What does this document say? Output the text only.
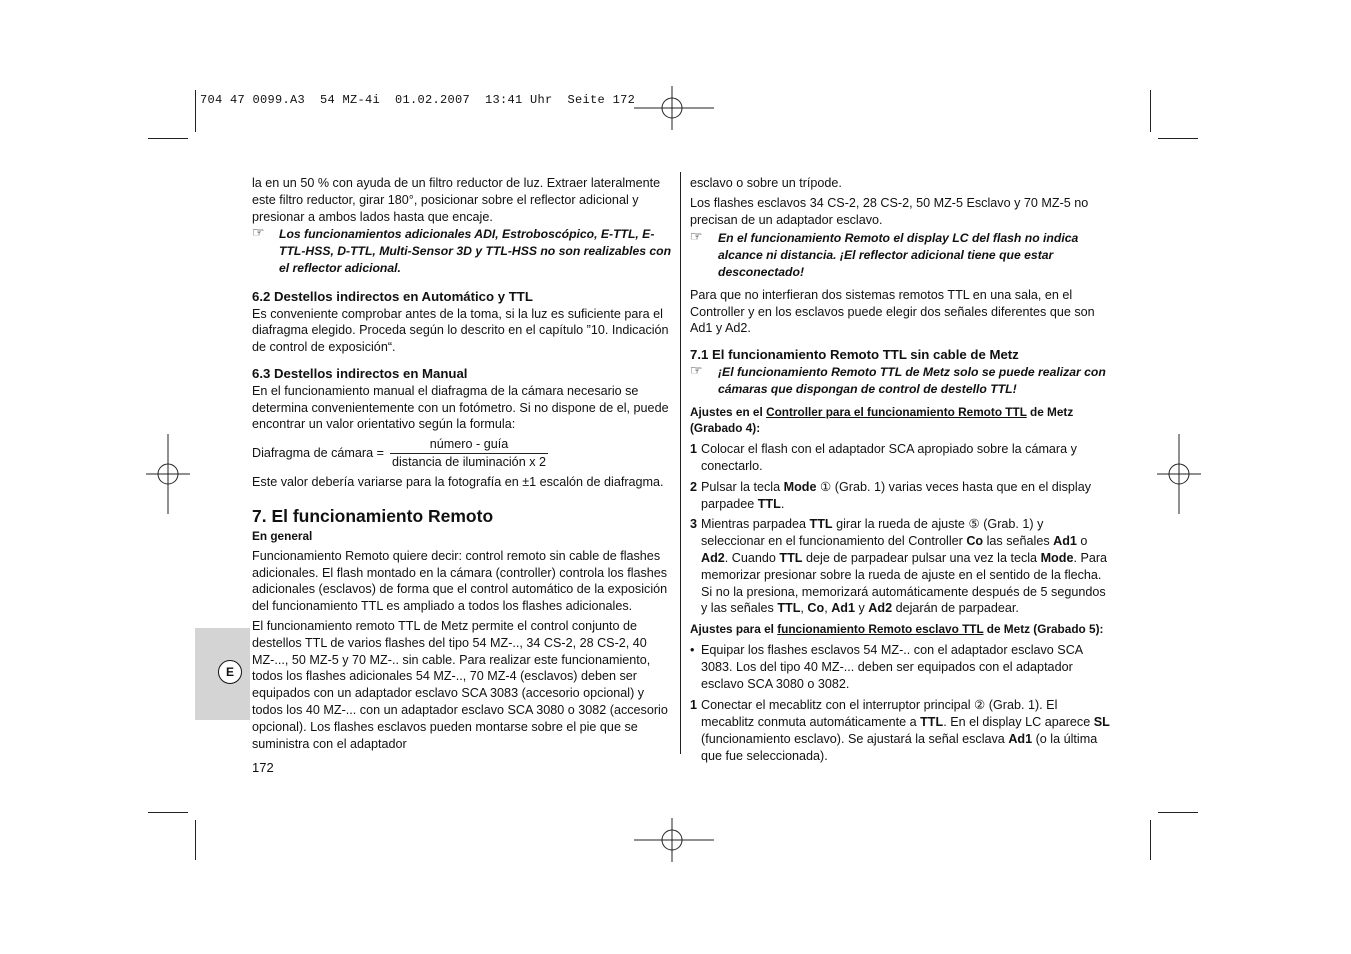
704 47 0099.A3  54 MZ-4i  01.02.2007  13:41 Uhr  Seite 172
E

la en un 50 % con ayuda de un filtro reductor de luz. Extraer lateralmente este filtro reductor, girar 180°, posicionar sobre el reflector adicional y presionar a ambos lados hasta que encaje.

☞ Los funcionamientos adicionales ADI, Estroboscópico, E-TTL, E-TTL-HSS, D-TTL, Multi-Sensor 3D y TTL-HSS no son realizables con el reflector adicional.

6.2 Destellos indirectos en Automático y TTL

Es conveniente comprobar antes de la toma, si la luz es suficiente para el diafragma elegido. Proceda según lo descrito en el capítulo ”10. Indicación de control de exposición“.

6.3 Destellos indirectos en Manual

En el funcionamiento manual el diafragma de la cámara necesario se determina convenientemente con un fotómetro. Si no dispone de el, puede encontrar un valor orientativo según la formula:

Diafragma de cámara =
número - guía
distancia de iluminación x 2

Este valor debería variarse para la fotografía en ±1 escalón de diafragma.

7. El funcionamiento Remoto

En general

Funcionamiento Remoto quiere decir: control remoto sin cable de flashes adicionales. El flash montado en la cámara (controller) controla los flashes adicionales (esclavos) de forma que el control automático de la exposición del funcionamiento TTL es ampliado a todos los flashes adicionales.

El funcionamiento remoto TTL de Metz permite el control conjunto de destellos TTL de varios flashes del tipo 54 MZ-.., 34 CS-2, 28 CS-2, 40 MZ-..., 50 MZ-5 y 70 MZ-.. sin cable. Para realizar este funcionamiento, todos los flashes adicionales 54 MZ-.., 70 MZ-4 (esclavos) deben ser equipados con un adaptador esclavo SCA 3083 (accesorio opcional) y todos los 40 MZ-... con un adaptador esclavo SCA 3080 o 3082 (accesorio opcional). Los flashes esclavos pueden montarse sobre el pie que se suministra con el adaptador

172

esclavo o sobre un trípode.

Los flashes esclavos 34 CS-2, 28 CS-2, 50 MZ-5 Esclavo y 70 MZ-5 no precisan de un adaptador esclavo.

☞ En el funcionamiento Remoto el display LC del flash no indica alcance ni distancia. ¡El reflector adicional tiene que estar desconectado!

Para que no interfieran dos sistemas remotos TTL en una sala, en el Controller y en los esclavos puede elegir dos señales diferentes que son Ad1 y Ad2.

7.1 El funcionamiento Remoto TTL sin cable de Metz

☞ ¡El funcionamiento Remoto TTL de Metz solo se puede realizar con cámaras que dispongan de control de destello TTL!

Ajustes en el Controller para el funcionamiento Remoto TTL de Metz (Grabado 4):

1 Colocar el flash con el adaptador SCA apropiado sobre la cámara y conectarlo.

2 Pulsar la tecla Mode ① (Grab. 1) varias veces hasta que en el display parpadee TTL.

3 Mientras parpadea TTL girar la rueda de ajuste ⑤ (Grab. 1) y seleccionar en el funcionamiento del Controller Co las señales Ad1 o Ad2. Cuando TTL deje de parpadear pulsar una vez la tecla Mode. Para memorizar presionar sobre la rueda de ajuste en el sentido de la flecha. Si no la presiona, memorizará automáticamente después de 5 segundos y las señales TTL, Co, Ad1 y Ad2 dejarán de parpadear.

Ajustes para el funcionamiento Remoto esclavo TTL de Metz (Grabado 5):

• Equipar los flashes esclavos 54 MZ-.. con el adaptador esclavo SCA 3083. Los del tipo 40 MZ-... deben ser equipados con el adaptador esclavo SCA 3080 o 3082.

1 Conectar el mecablitz con el interruptor principal ② (Grab. 1). El mecablitz conmuta automáticamente a TTL. En el display LC aparece SL (funcionamiento esclavo). Se ajustará la señal esclava Ad1 (o la última que fue seleccionada).
